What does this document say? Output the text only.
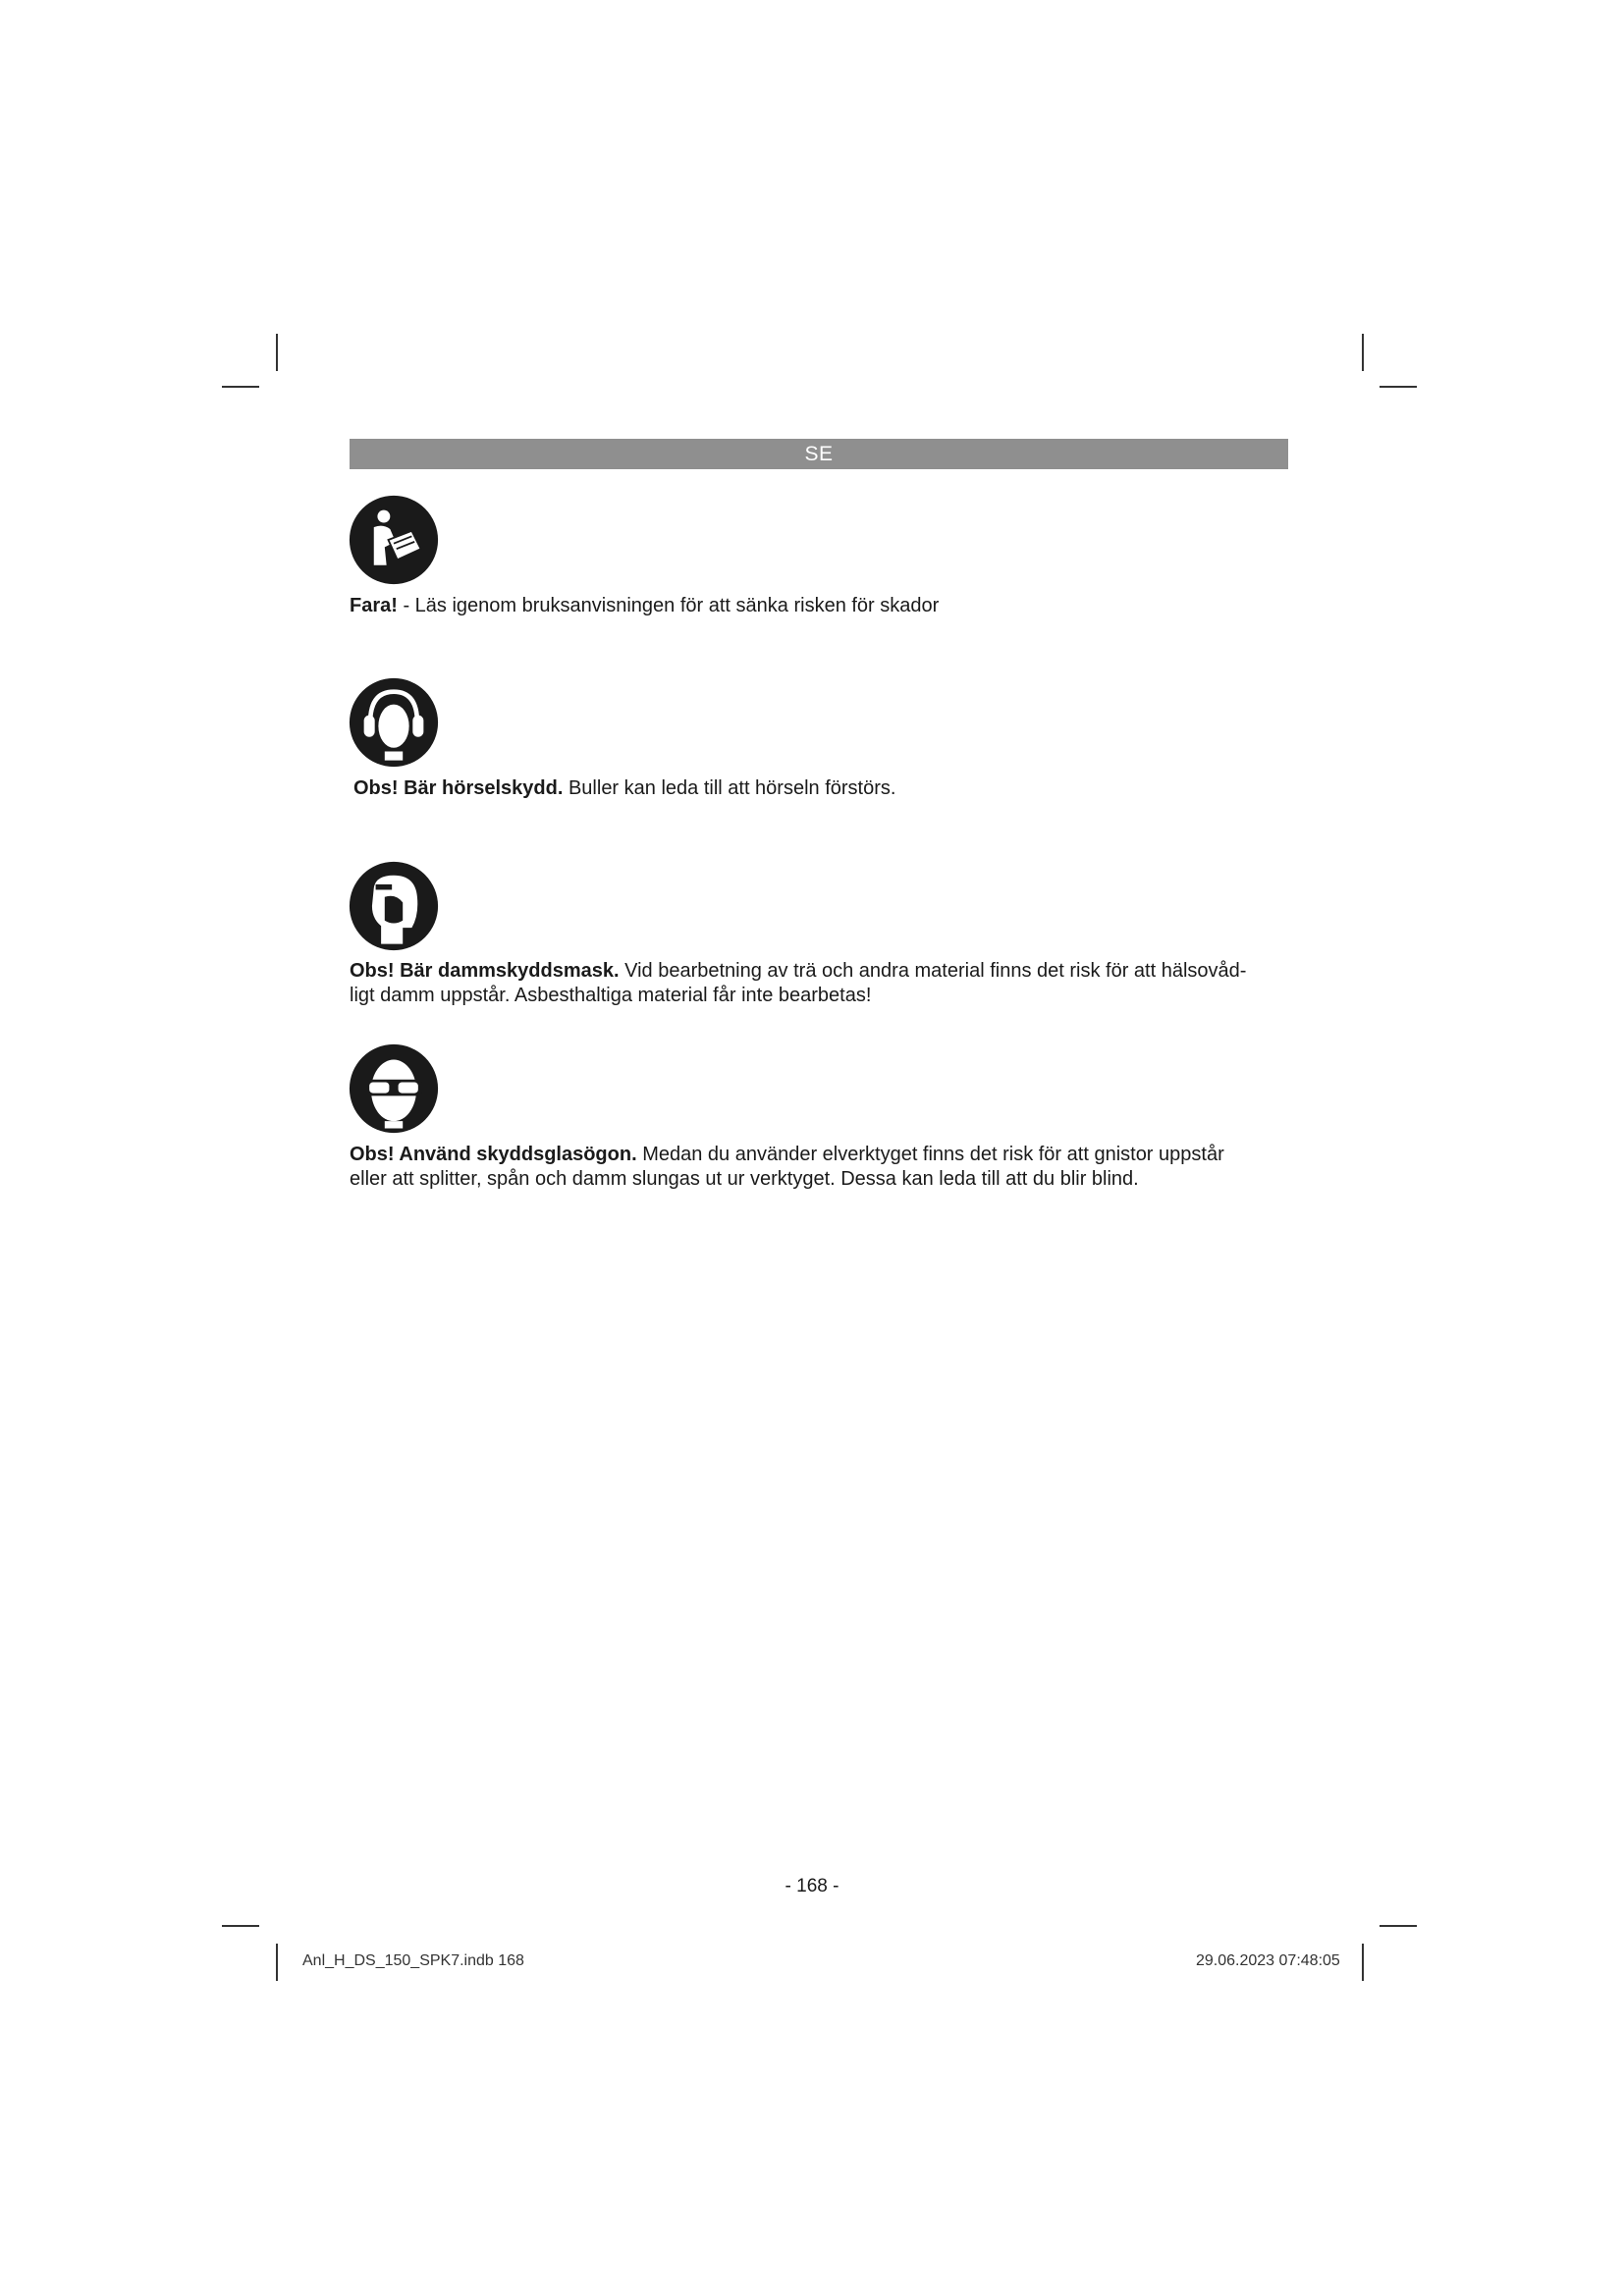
SE

Fara! - Läs igenom bruksanvisningen för att sänka risken för skador

Obs! Bär hörselskydd. Buller kan leda till att hörseln förstörs.

Obs! Bär dammskyddsmask. Vid bearbetning av trä och andra material finns det risk för att hälsovåd-
ligt damm uppstår. Asbesthaltiga material får inte bearbetas!

Obs! Använd skyddsglasögon. Medan du använder elverktyget finns det risk för att gnistor uppstår
eller att splitter, spån och damm slungas ut ur verktyget. Dessa kan leda till att du blir blind.

- 168 -
Anl_H_DS_150_SPK7.indb 168	29.06.2023 07:48:05
